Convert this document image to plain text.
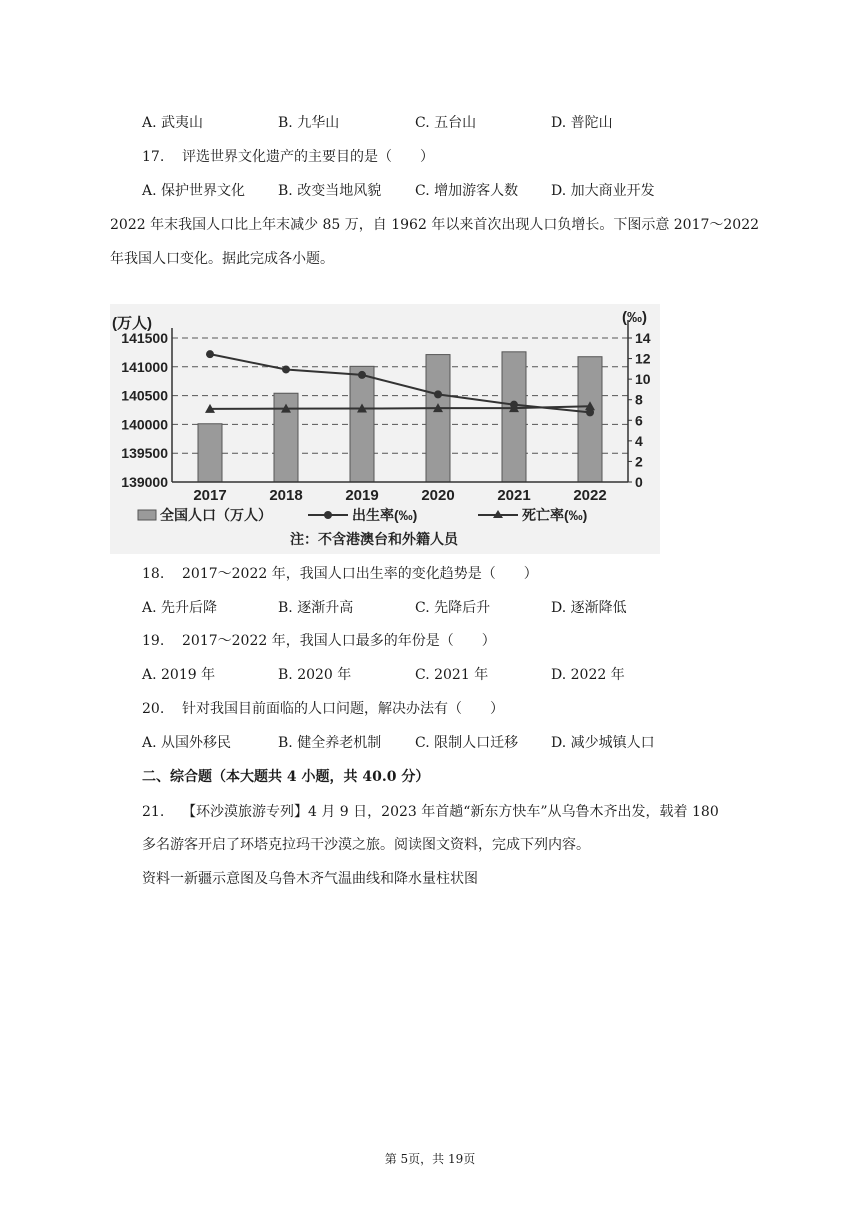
A. 武夷山	B. 九华山	C. 五台山	D. 普陀山
17. 评选世界文化遗产的主要目的是（　　）
A. 保护世界文化 B. 改变当地风貌 C. 增加游客人数 D. 加大商业开发
2022 年末我国人口比上年末减少 85 万，自 1962 年以来首次出现人口负增长。下图示意 2017～2022
年我国人口变化。据此完成各小题。
139000
139500
140000
140500
141000
141500
0
2
4
6
8
10
12
14
2017	2018	2019	2020	2021	2022
(万人)	(‰)
全国人口（万人）	出生率(‰)	死亡率(‰)
注：不含港澳台和外籍人员
18. 2017～2022 年，我国人口出生率的变化趋势是（　　）
A. 先升后降	B. 逐渐升高	C. 先降后升	D. 逐渐降低
19. 2017～2022 年，我国人口最多的年份是（　　）
A. 2019 年	B. 2020 年	C. 2021 年	D. 2022 年
20. 针对我国目前面临的人口问题，解决办法有（　　）
A. 从国外移民	B. 健全养老机制 C. 限制人口迁移 D. 减少城镇人口
二、综合题（本大题共 4 小题，共 40.0 分）
21. 【环沙漠旅游专列】4 月 9 日，2023 年首趟“新东方快车”从乌鲁木齐出发，载着 180
多名游客开启了环塔克拉玛干沙漠之旅。阅读图文资料，完成下列内容。
资料一新疆示意图及乌鲁木齐气温曲线和降水量柱状图
第 5页，共 19页
